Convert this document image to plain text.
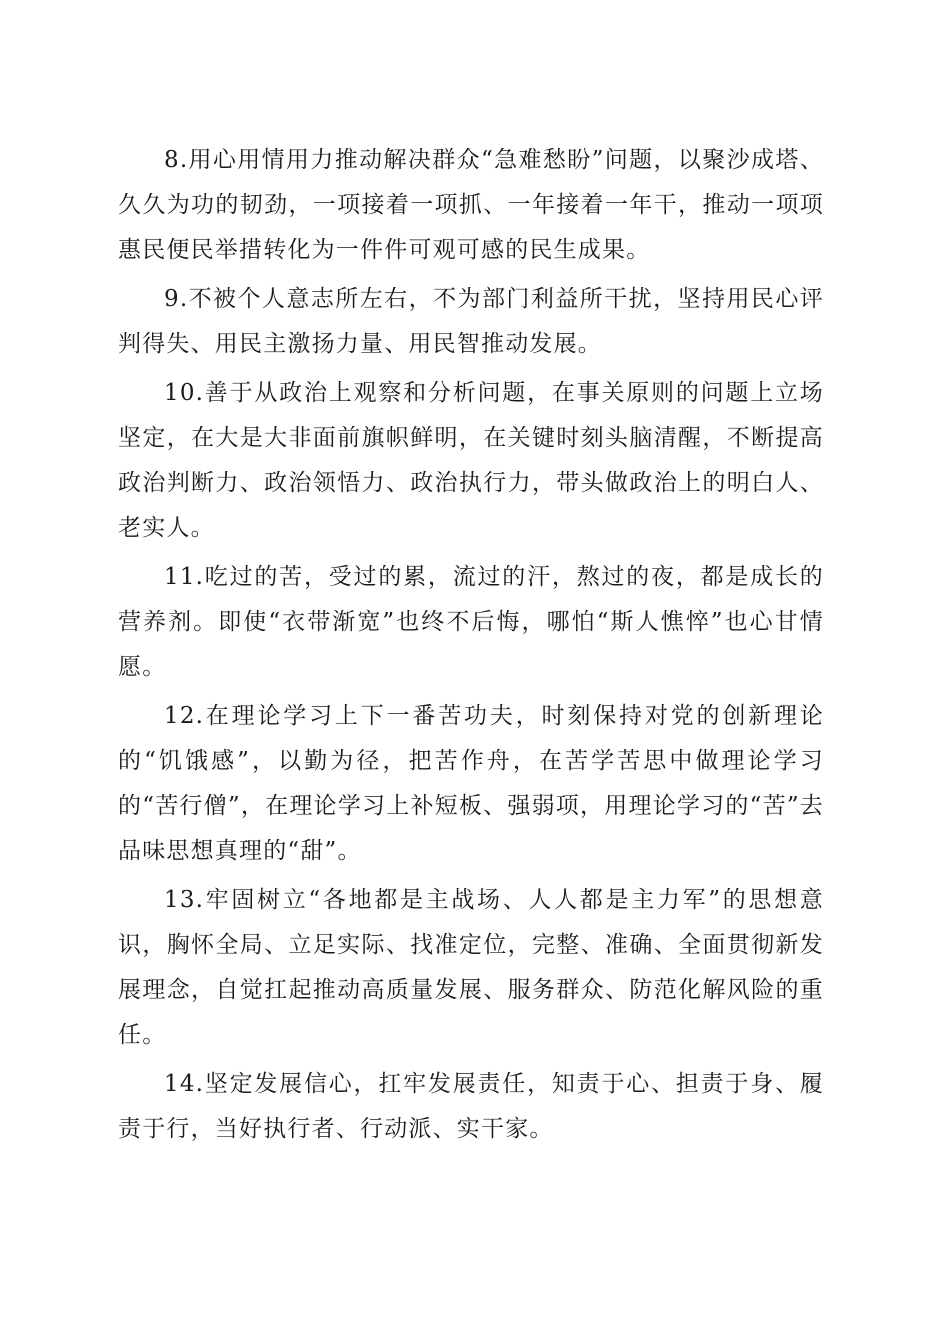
8.用心用情用力推动解决群众“急难愁盼”问题，以聚沙成塔、久久为功的韧劲，一项接着一项抓、一年接着一年干，推动一项项惠民便民举措转化为一件件可观可感的民生成果。

9.不被个人意志所左右，不为部门利益所干扰，坚持用民心评判得失、用民主激扬力量、用民智推动发展。

10.善于从政治上观察和分析问题，在事关原则的问题上立场坚定，在大是大非面前旗帜鲜明，在关键时刻头脑清醒，不断提高政治判断力、政治领悟力、政治执行力，带头做政治上的明白人、老实人。

11.吃过的苦，受过的累，流过的汗，熬过的夜，都是成长的营养剂。即使“衣带渐宽”也终不后悔，哪怕“斯人憔悴”也心甘情愿。

12.在理论学习上下一番苦功夫，时刻保持对党的创新理论的“饥饿感”，以勤为径，把苦作舟，在苦学苦思中做理论学习的“苦行僧”，在理论学习上补短板、强弱项，用理论学习的“苦”去品味思想真理的“甜”。

13.牢固树立“各地都是主战场、人人都是主力军”的思想意识，胸怀全局、立足实际、找准定位，完整、准确、全面贯彻新发展理念，自觉扛起推动高质量发展、服务群众、防范化解风险的重任。

14.坚定发展信心，扛牢发展责任，知责于心、担责于身、履责于行，当好执行者、行动派、实干家。
